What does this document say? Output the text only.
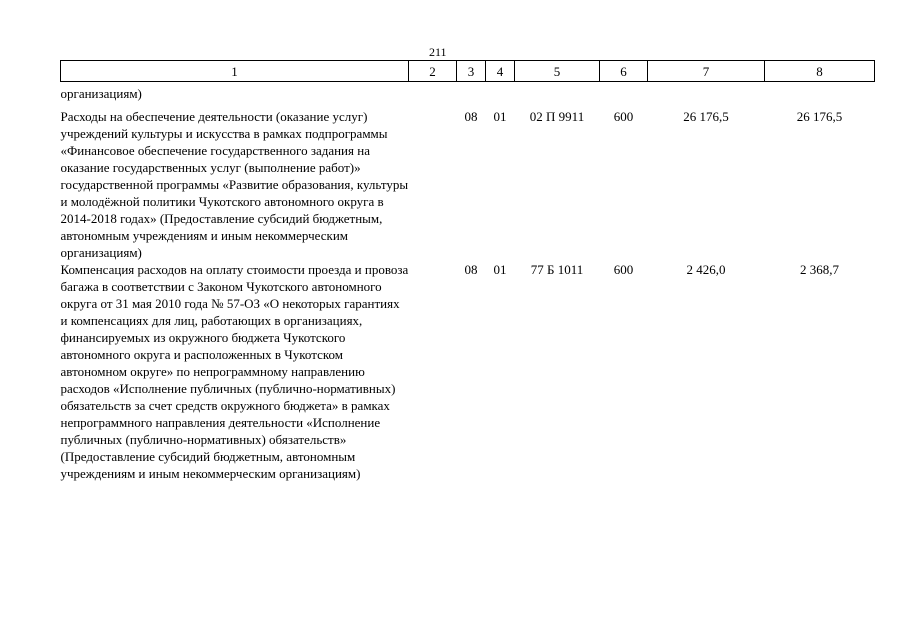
211
1	2	3	4	5	6	7	8
организациям)							
Расходы на обеспечение деятельности (оказание услуг) учреждений культуры и искусства в рамках подпрограммы «Финансовое обеспечение государственного задания на оказание государственных услуг (выполнение работ)» государственной программы «Развитие образования, культуры и молодёжной политики Чукотского автономного округа в 2014-2018 годах» (Предоставление субсидий бюджетным, автономным учреждениям и иным некоммерческим организациям)		08	01	02 П 9911	600	26 176,5	26 176,5
Компенсация расходов на оплату стоимости проезда и провоза багажа в соответствии с Законом Чукотского автономного округа от 31 мая 2010 года № 57-ОЗ «О некоторых гарантиях и компенсациях для лиц, работающих в организациях, финансируемых из окружного бюджета Чукотского автономного округа и расположенных в Чукотском автономном округе» по непрограммному направлению расходов «Исполнение публичных (публично-нормативных) обязательств за счет средств окружного бюджета» в рамках непрограммного направления деятельности «Исполнение публичных (публично-нормативных) обязательств» (Предоставление субсидий бюджетным, автономным учреждениям и иным некоммерческим организациям)		08	01	77 Б 1011	600	2 426,0	2 368,7
